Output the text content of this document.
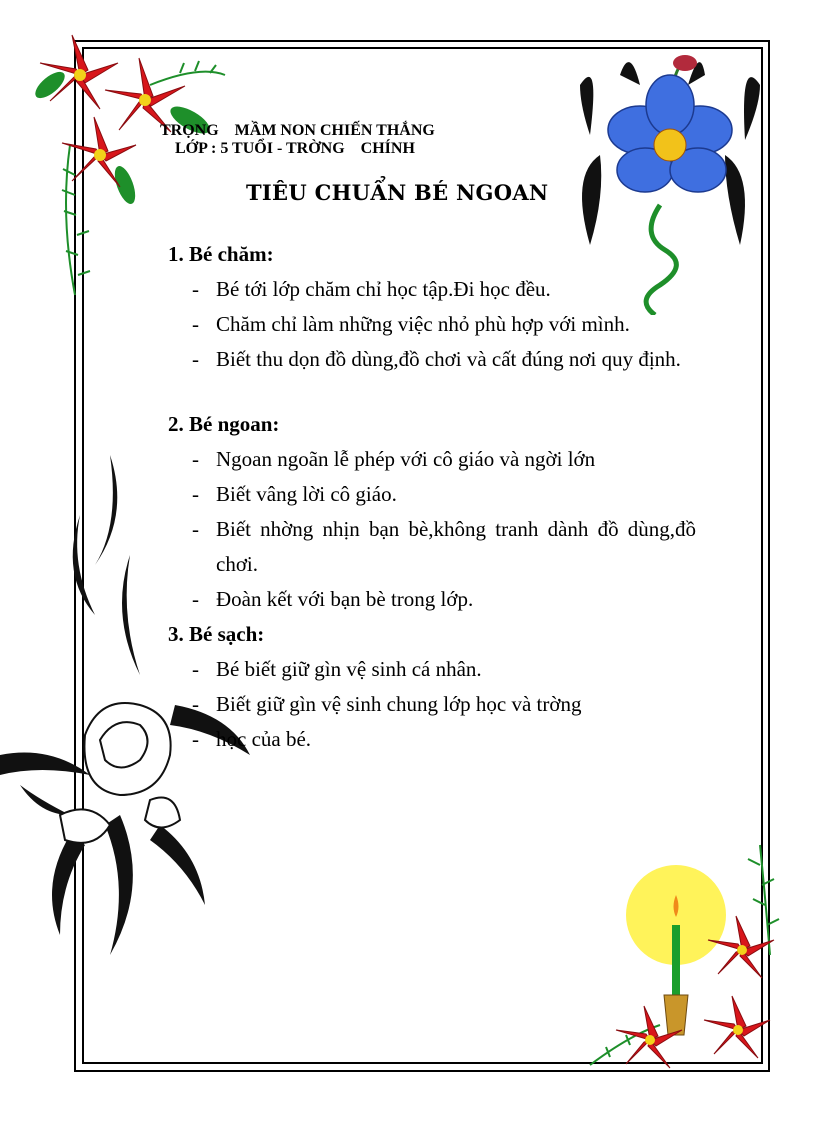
TRỌNG    MẦM NON CHIẾN THẮNG
LỚP : 5 TUỔI - TRỜNG    CHÍNH
TIÊU CHUẨN BÉ NGOAN
1. Bé chăm:
- Bé tới lớp chăm chỉ học tập.Đi học đều.
- Chăm chỉ làm những việc nhỏ phù hợp với mình.
- Biết thu dọn đồ dùng,đồ chơi và cất đúng nơi quy định.
2. Bé ngoan:
- Ngoan ngoãn lễ phép với cô giáo và ngời lớn
- Biết vâng lời cô giáo.
- Biết nhờng nhịn bạn bè,không tranh dành đồ dùng,đồ chơi.
- Đoàn kết với bạn bè trong lớp.
3. Bé sạch:
- Bé biết giữ gìn vệ sinh cá nhân.
- Biết giữ gìn vệ sinh chung lớp học và trờng
- học của bé.
